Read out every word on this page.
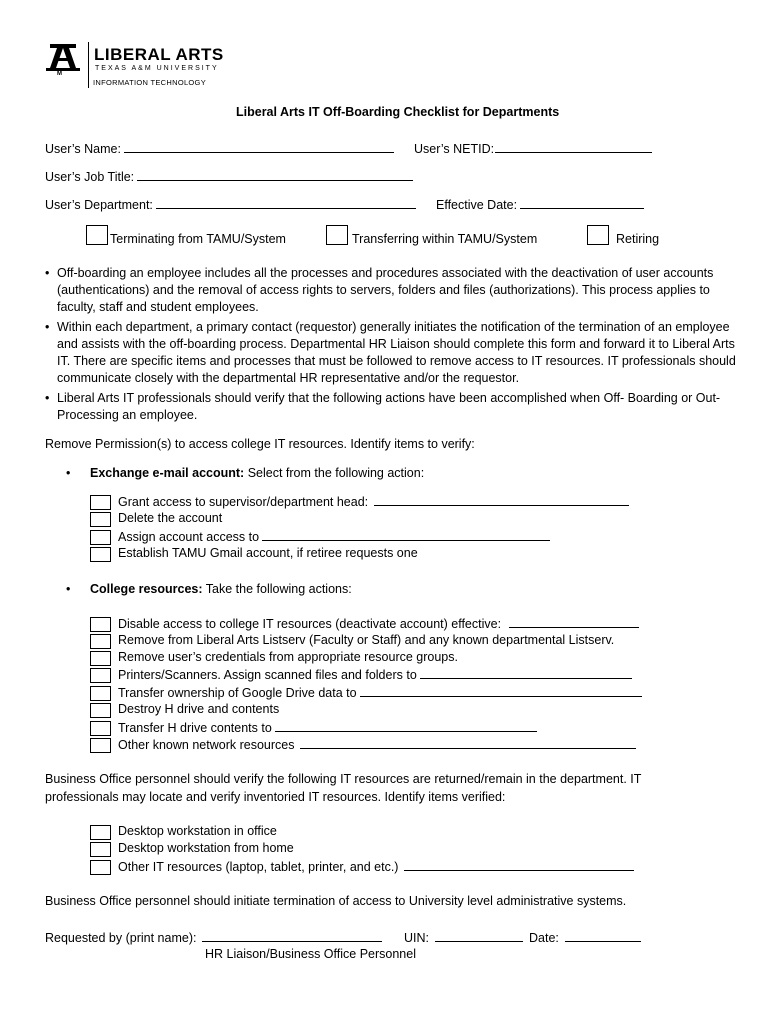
M
LIBERAL ARTS
TEXAS A&M UNIVERSITY
INFORMATION TECHNOLOGY
Liberal Arts IT Off-Boarding Checklist for Departments
User’s Name:	User’s NETID:
User’s Job Title:
User’s Department:	Effective Date:
Terminating from TAMU/System	Transferring within TAMU/System	Retiring
• Off-boarding an employee includes all the processes and procedures associated with the deactivation of user accounts (authentications) and the removal of access rights to servers, folders and files (authorizations). This process applies to faculty, staff and student employees.
• Within each department, a primary contact (requestor) generally initiates the notification of the termination of an employee and assists with the off-boarding process. Departmental HR Liaison should complete this form and forward it to Liberal Arts IT. There are specific items and processes that must be followed to remove access to IT resources. IT professionals should communicate closely with the departmental HR representative and/or the requestor.
• Liberal Arts IT professionals should verify that the following actions have been accomplished when Off- Boarding or Out-Processing an employee.
Remove Permission(s) to access college IT resources. Identify items to verify:
• Exchange e-mail account: Select from the following action:
Grant access to supervisor/department head:
Delete the account
Assign account access to
Establish TAMU Gmail account, if retiree requests one
• College resources: Take the following actions:
Disable access to college IT resources (deactivate account) effective:
Remove from Liberal Arts Listserv (Faculty or Staff) and any known departmental Listserv.
Remove user’s credentials from appropriate resource groups.
Printers/Scanners. Assign scanned files and folders to
Transfer ownership of Google Drive data to
Destroy H drive and contents
Transfer H drive contents to
Other known network resources
Business Office personnel should verify the following IT resources are returned/remain in the department. IT
professionals may locate and verify inventoried IT resources. Identify items verified:
Desktop workstation in office
Desktop workstation from home
Other IT resources (laptop, tablet, printer, and etc.)
Business Office personnel should initiate termination of access to University level administrative systems.
Requested by (print name):	UIN:	Date:
HR Liaison/Business Office Personnel
